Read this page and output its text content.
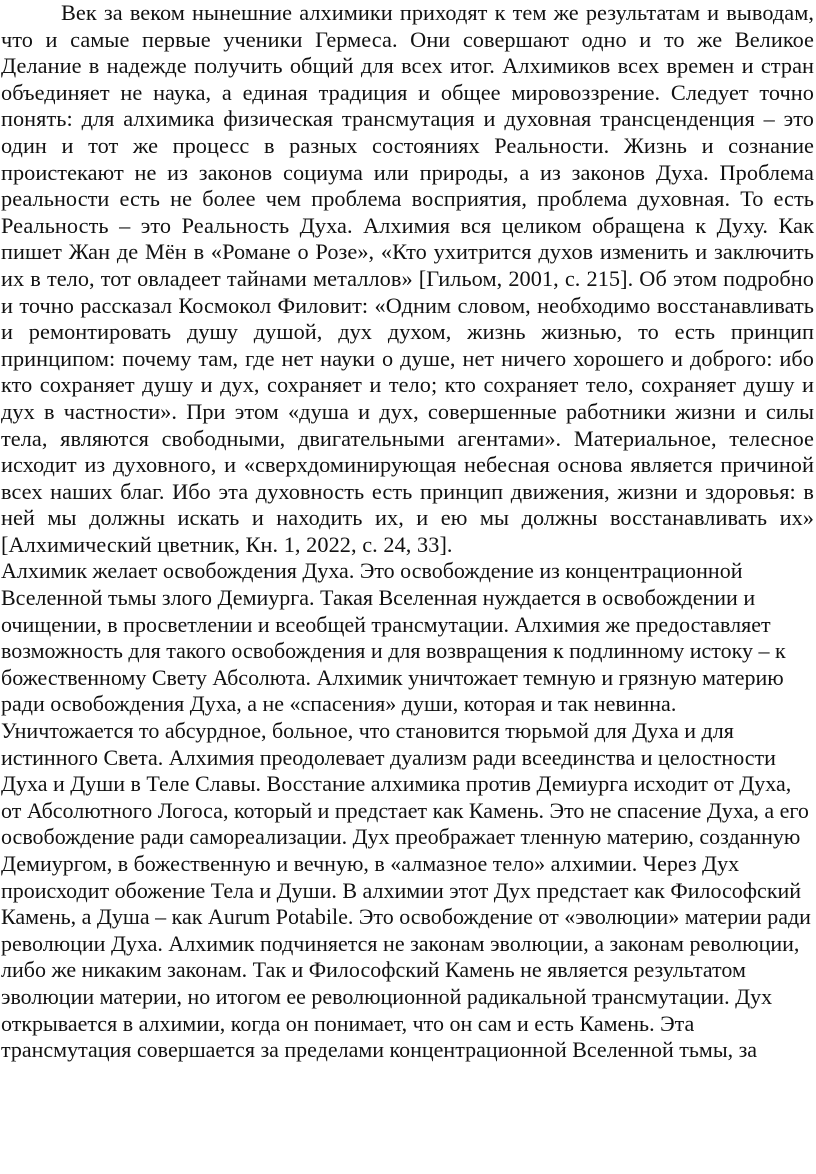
Век за веком нынешние алхимики приходят к тем же результатам и выводам, что и самые первые ученики Гермеса. Они совершают одно и то же Великое Делание в надежде получить общий для всех итог. Алхимиков всех времен и стран объединяет не наука, а единая традиция и общее мировоззрение. Следует точно понять: для алхимика физическая трансмутация и духовная трансценденция – это один и тот же процесс в разных состояниях Реальности. Жизнь и сознание проистекают не из законов социума или природы, а из законов Духа. Проблема реальности есть не более чем проблема восприятия, проблема духовная. То есть Реальность – это Реальность Духа. Алхимия вся целиком обращена к Духу. Как пишет Жан де Мён в «Романе о Розе», «Кто ухитрится духов изменить и заключить их в тело, тот овладеет тайнами металлов» [Гильом, 2001, с. 215]. Об этом подробно и точно рассказал Космокол Филовит: «Одним словом, необходимо восстанавливать и ремонтировать душу душой, дух духом, жизнь жизнью, то есть принцип принципом: почему там, где нет науки о душе, нет ничего хорошего и доброго: ибо кто сохраняет душу и дух, сохраняет и тело; кто сохраняет тело, сохраняет душу и дух в частности». При этом «душа и дух, совершенные работники жизни и силы тела, являются свободными, двигательными агентами». Материальное, телесное исходит из духовного, и «сверхдоминирующая небесная основа является причиной всех наших благ. Ибо эта духовность есть принцип движения, жизни и здоровья: в ней мы должны искать и находить их, и ею мы должны восстанавливать их» [Алхимический цветник, Кн. 1, 2022, с. 24, 33].

Алхимик желает освобождения Духа. Это освобождение из концентрационной Вселенной тьмы злого Демиурга. Такая Вселенная нуждается в освобождении и очищении, в просветлении и всеобщей трансмутации. Алхимия же предоставляет возможность для такого освобождения и для возвращения к подлинному истоку – к божественному Свету Абсолюта. Алхимик уничтожает темную и грязную материю ради освобождения Духа, а не «спасения» души, которая и так невинна. Уничтожается то абсурдное, больное, что становится тюрьмой для Духа и для истинного Света. Алхимия преодолевает дуализм ради всеединства и целостности Духа и Души в Теле Славы. Восстание алхимика против Демиурга исходит от Духа, от Абсолютного Логоса, который и предстает как Камень. Это не спасение Духа, а его освобождение ради самореализации. Дух преображает тленную материю, созданную Демиургом, в божественную и вечную, в «алмазное тело» алхимии. Через Дух происходит обожение Тела и Души. В алхимии этот Дух предстает как Философский Камень, а Душа – как Aurum Potabile. Это освобождение от «эволюции» материи ради революции Духа. Алхимик подчиняется не законам эволюции, а законам революции, либо же никаким законам. Так и Философский Камень не является результатом эволюции материи, но итогом ее революционной радикальной трансмутации. Дух открывается в алхимии, когда он понимает, что он сам и есть Камень. Эта трансмутация совершается за пределами концентрационной Вселенной тьмы, за
